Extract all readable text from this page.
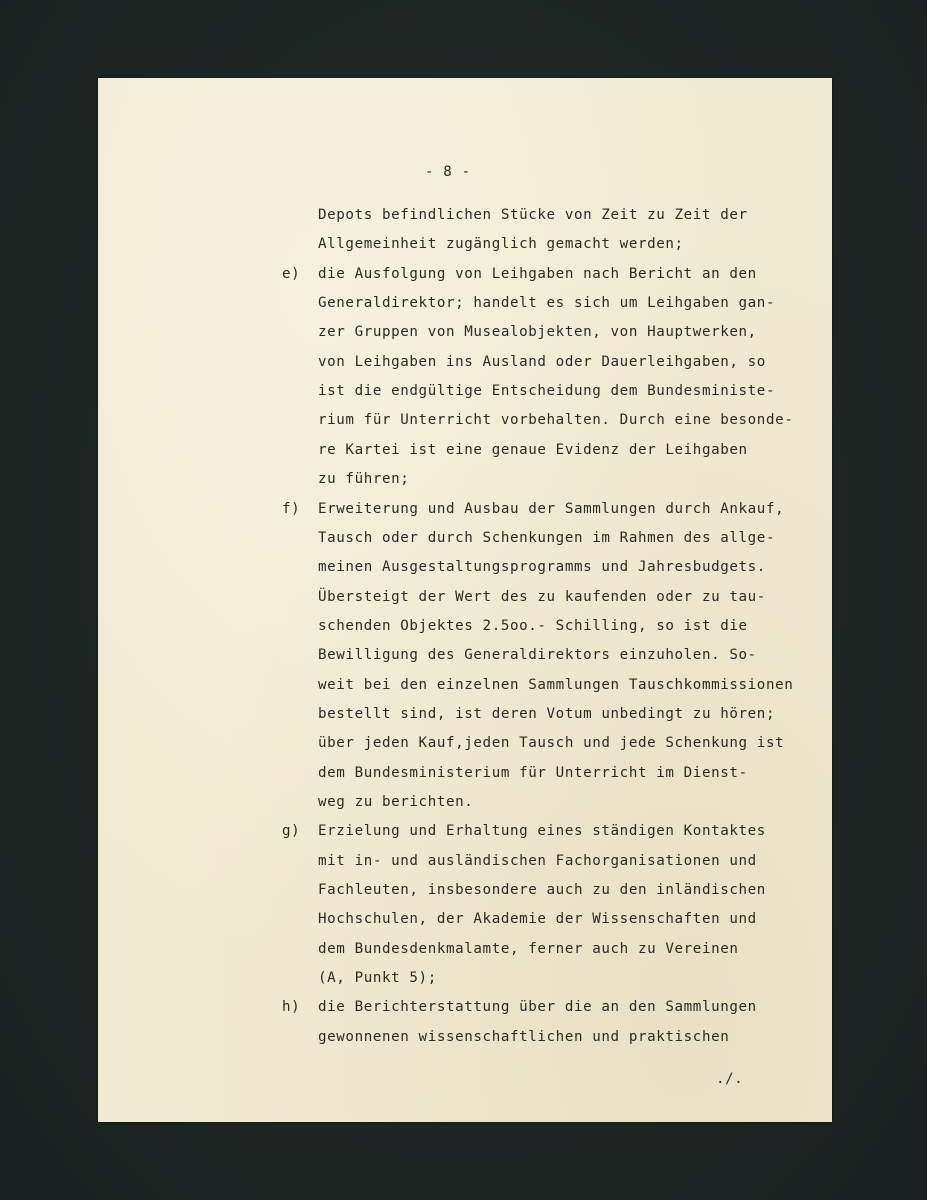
- 8 -
Depots befindlichen Stücke von Zeit zu Zeit der
Allgemeinheit zugänglich gemacht werden;
e) die Ausfolgung von Leihgaben nach Bericht an den
Generaldirektor; handelt es sich um Leihgaben gan-
zer Gruppen von Musealobjekten, von Hauptwerken,
von Leihgaben ins Ausland oder Dauerleihgaben, so
ist die endgültige Entscheidung dem Bundesministe-
rium für Unterricht vorbehalten. Durch eine besonde-
re Kartei ist eine genaue Evidenz der Leihgaben
zu führen;
f) Erweiterung und Ausbau der Sammlungen durch Ankauf,
Tausch oder durch Schenkungen im Rahmen des allge-
meinen Ausgestaltungsprogramms und Jahresbudgets.
Übersteigt der Wert des zu kaufenden oder zu tau-
schenden Objektes 2.5oo.- Schilling, so ist die
Bewilligung des Generaldirektors einzuholen. So-
weit bei den einzelnen Sammlungen Tauschkommissionen
bestellt sind, ist deren Votum unbedingt zu hören;
über jeden Kauf,jeden Tausch und jede Schenkung ist
dem Bundesministerium für Unterricht im Dienst-
weg zu berichten.
g) Erzielung und Erhaltung eines ständigen Kontaktes
mit in- und ausländischen Fachorganisationen und
Fachleuten, insbesondere auch zu den inländischen
Hochschulen, der Akademie der Wissenschaften und
dem Bundesdenkmalamte, ferner auch zu Vereinen
(A, Punkt 5);
h) die Berichterstattung über die an den Sammlungen
gewonnenen wissenschaftlichen und praktischen
./.
